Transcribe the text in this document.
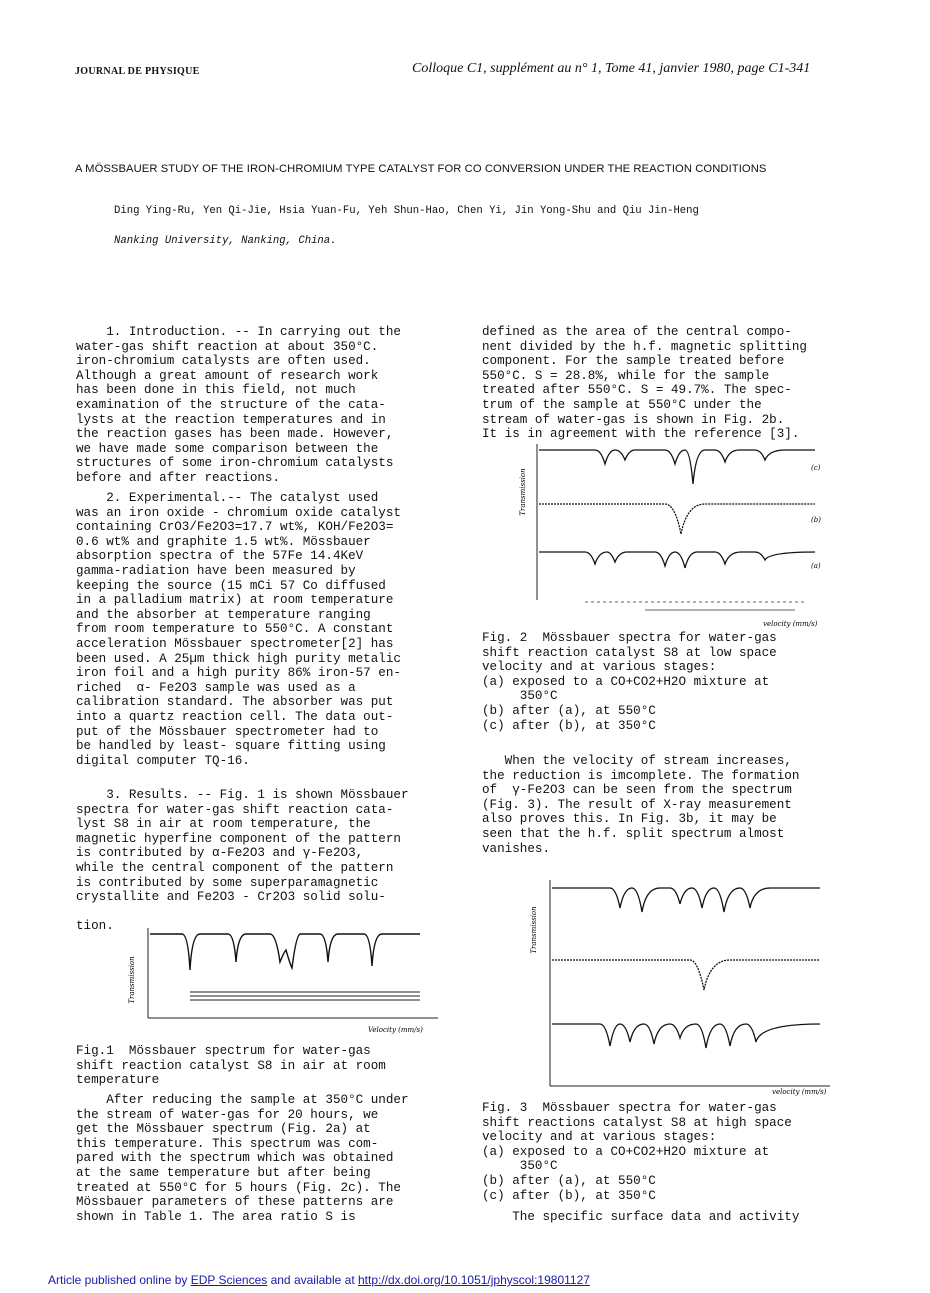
JOURNAL DE PHYSIQUE	Colloque C1, supplément au n° 1, Tome 41, janvier 1980, page C1-341
A MÖSSBAUER STUDY OF THE IRON-CHROMIUM TYPE CATALYST FOR CO CONVERSION UNDER THE REACTION CONDITIONS
Ding Ying-Ru, Yen Qi-Jie, Hsia Yuan-Fu, Yeh Shun-Hao, Chen Yi, Jin Yong-Shu and Qiu Jin-Heng
Nanking University, Nanking, China.
1. Introduction. -- In carrying out the
water-gas shift reaction at about 350°C.
iron-chromium catalysts are often used.
Although a great amount of research work
has been done in this field, not much
examination of the structure of the cata-
lysts at the reaction temperatures and in
the reaction gases has been made. However,
we have made some comparison between the
structures of some iron-chromium catalysts
before and after reactions.
2. Experimental.-- The catalyst used
was an iron oxide - chromium oxide catalyst
containing CrO3/Fe2O3=17.7 wt%, KOH/Fe2O3=
0.6 wt% and graphite 1.5 wt%. Mössbauer
absorption spectra of the 57Fe 14.4KeV
gamma-radiation have been measured by
keeping the source (15 mCi 57 Co diffused
in a palladium matrix) at room temperature
and the absorber at temperature ranging
from room temperature to 550°C. A constant
acceleration Mössbauer spectrometer[2] has
been used. A 25µm thick high purity metalic
iron foil and a high purity 86% iron-57 en-
riched  α- Fe2O3 sample was used as a
calibration standard. The absorber was put
into a quartz reaction cell. The data out-
put of the Mössbauer spectrometer had to
be handled by least- square fitting using
digital computer TQ-16.
3. Results. -- Fig. 1 is shown Mössbauer
spectra for water-gas shift reaction cata-
lyst S8 in air at room temperature, the
magnetic hyperfine component of the pattern
is contributed by α-Fe2O3 and γ-Fe2O3,
while the central component of the pattern
is contributed by some superparamagnetic
crystallite and Fe2O3 - Cr2O3 solid solu-
tion.
Transmission
Velocity (mm/s)
Fig.1  Mössbauer spectrum for water-gas
shift reaction catalyst S8 in air at room
temperature
After reducing the sample at 350°C under
the stream of water-gas for 20 hours, we
get the Mössbauer spectrum (Fig. 2a) at
this temperature. This spectrum was com-
pared with the spectrum which was obtained
at the same temperature but after being
treated at 550°C for 5 hours (Fig. 2c). The
Mössbauer parameters of these patterns are
shown in Table 1. The area ratio S is
defined as the area of the central compo-
nent divided by the h.f. magnetic splitting
component. For the sample treated before
550°C. S = 28.8%, while for the sample
treated after 550°C. S = 49.7%. The spec-
trum of the sample at 550°C under the
stream of water-gas is shown in Fig. 2b.
It is in agreement with the reference [3].
(c)
(b)
(a)
Transmission
velocity (mm/s)
Fig. 2  Mössbauer spectra for water-gas
shift reaction catalyst S8 at low space
velocity and at various stages:
(a) exposed to a CO+CO2+H2O mixture at
350°C
(b) after (a), at 550°C
(c) after (b), at 350°C
When the velocity of stream increases,
the reduction is imcomplete. The formation
of  γ-Fe2O3 can be seen from the spectrum
(Fig. 3). The result of X-ray measurement
also proves this. In Fig. 3b, it may be
seen that the h.f. split spectrum almost
vanishes.
Transmission
velocity (mm/s)
Fig. 3  Mössbauer spectra for water-gas
shift reactions catalyst S8 at high space
velocity and at various stages:
(a) exposed to a CO+CO2+H2O mixture at
350°C
(b) after (a), at 550°C
(c) after (b), at 350°C
The specific surface data and activity
Article published online by EDP Sciences and available at http://dx.doi.org/10.1051/jphyscol:19801127
